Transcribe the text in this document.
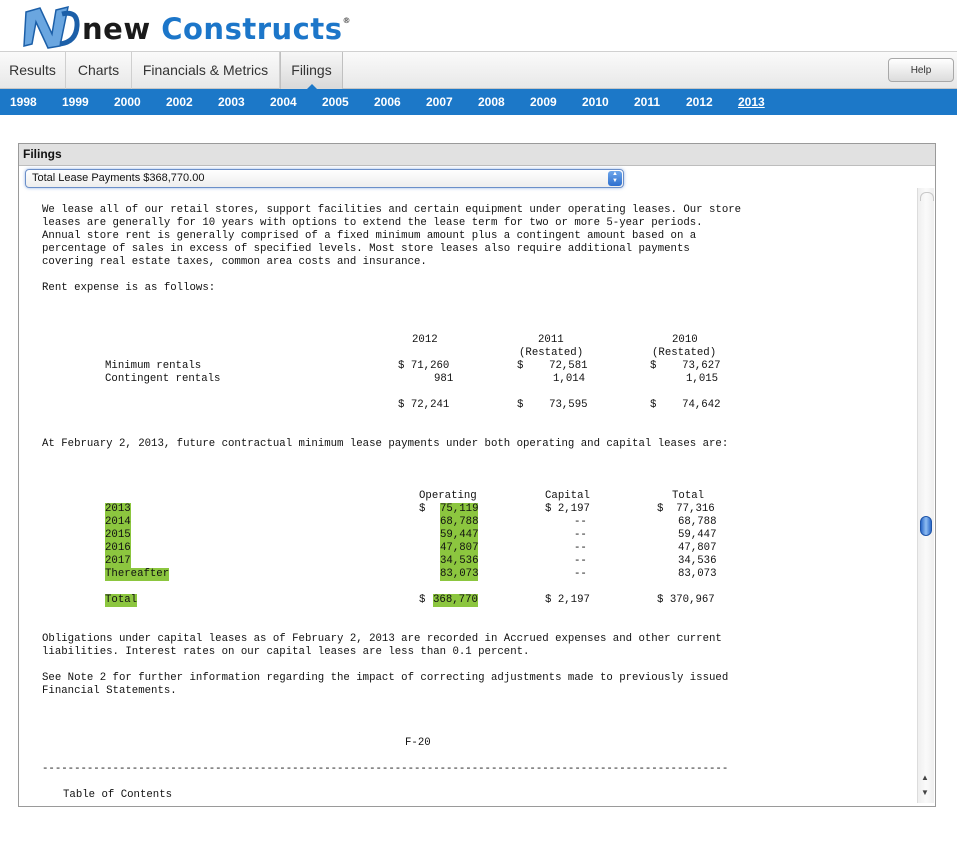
new Constructs®
Results	Charts	Financials & Metrics	Filings	Help
1998 1999 2000 2002 2003 2004 2005 2006 2007 2008 2009 2010 2011 2012 2013
Filings
Total Lease Payments $368,770.00	▲
▼
We lease all of our retail stores, support facilities and certain equipment under operating leases. Our store
leases are generally for 10 years with options to extend the lease term for two or more 5-year periods.
Annual store rent is generally comprised of a fixed minimum amount plus a contingent amount based on a
percentage of sales in excess of specified levels. Most store leases also require additional payments
covering real estate taxes, common area costs and insurance.
Rent expense is as follows:
2012	2011	2010
(Restated)	(Restated)
Minimum rentals	$ 71,260	$    72,581	$    73,627
Contingent rentals	981	1,014	1,015
$ 72,241	$    73,595	$    74,642
At February 2, 2013, future contractual minimum lease payments under both operating and capital leases are:
Operating	Capital	Total
2013	$ 75,119	$ 2,197	$  77,316
2014	68,788	--	68,788
2015	59,447	--	59,447
2016	47,807	--	47,807
2017	34,536	--	34,536
Thereafter	83,073	--	83,073
Total	$ 368,770	$ 2,197	$ 370,967
Obligations under capital leases as of February 2, 2013 are recorded in Accrued expenses and other current
liabilities. Interest rates on our capital leases are less than 0.1 percent.
See Note 2 for further information regarding the impact of correcting adjustments made to previously issued
Financial Statements.
F-20
-----------------------------------------------------------------------------------------------------------
Table of Contents
▲
▼
